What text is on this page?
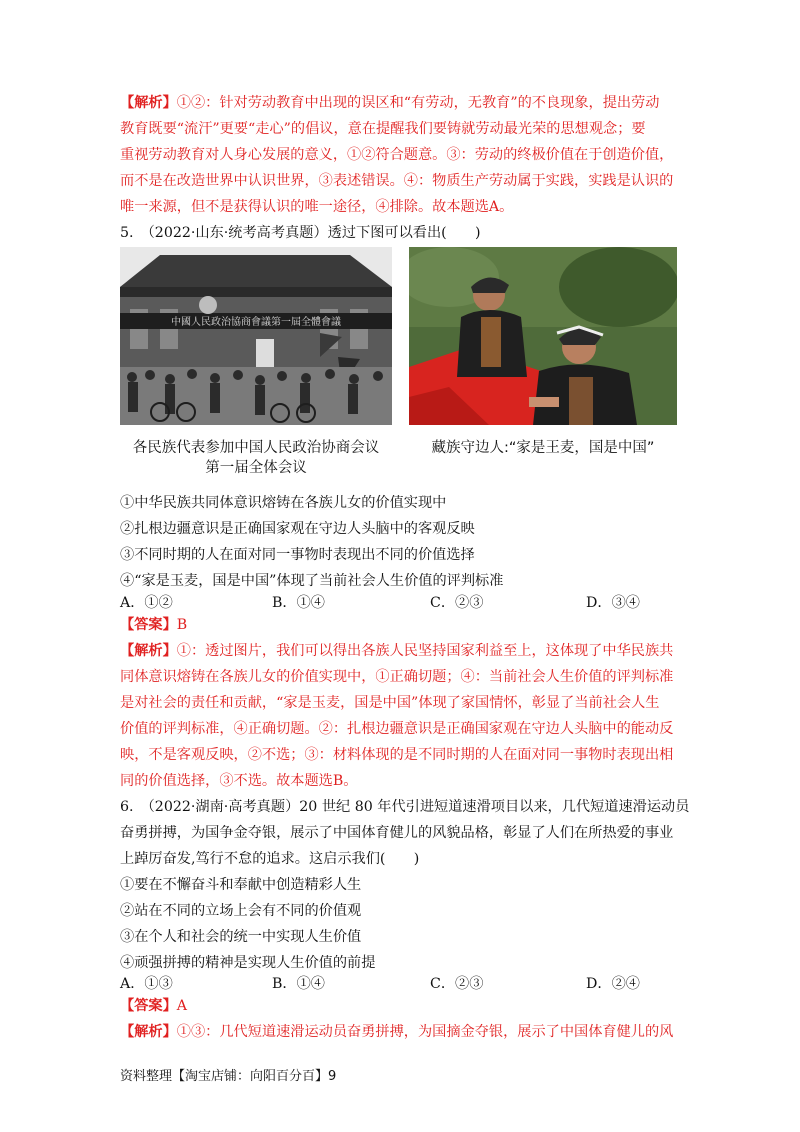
【解析】①②：针对劳动教育中出现的误区和“有劳动，无教育”的不良现象，提出劳动
教育既要“流汗”更要“走心”的倡议，意在提醒我们要铸就劳动最光荣的思想观念；要
重视劳动教育对人身心发展的意义，①②符合题意。③：劳动的终极价值在于创造价值，
而不是在改造世界中认识世界，③表述错误。④：物质生产劳动属于实践，实践是认识的
唯一来源，但不是获得认识的唯一途径，④排除。故本题选A。
5.　（2022·山东·统考高考真题）透过下图可以看出(　　)
中國人民政治協商會議第一屆全體會議
各民族代表参加中国人民政治协商会议
第一届全体会议
藏族守边人:“家是王麦，国是中国”
①中华民族共同体意识熔铸在各族儿女的价值实现中
②扎根边疆意识是正确国家观在守边人头脑中的客观反映
③不同时期的人在面对同一事物时表现出不同的价值选择
④“家是玉麦，国是中国”体现了当前社会人生价值的评判标准
A．①②	B．①④	C．②③	D．③④
【答案】B
【解析】①：透过图片，我们可以得出各族人民坚持国家利益至上，这体现了中华民族共
同体意识熔铸在各族儿女的价值实现中，①正确切题；④：当前社会人生价值的评判标准
是对社会的责任和贡献，“家是玉麦，国是中国”体现了家国情怀，彰显了当前社会人生
价值的评判标准，④正确切题。②：扎根边疆意识是正确国家观在守边人头脑中的能动反
映，不是客观反映，②不选；③：材料体现的是不同时期的人在面对同一事物时表现出相
同的价值选择，③不选。故本题选B。
6.　（2022·湖南·高考真题）20 世纪 80 年代引进短道速滑项目以来，几代短道速滑运动员
奋勇拼搏，为国争金夺银，展示了中国体育健儿的风貌品格，彰显了人们在所热爱的事业
上踔厉奋发,笃行不怠的追求。这启示我们(　　)
①要在不懈奋斗和奉献中创造精彩人生
②站在不同的立场上会有不同的价值观
③在个人和社会的统一中实现人生价值
④顽强拼搏的精神是实现人生价值的前提
A．①③	B．①④	C．②③	D．②④
【答案】A
【解析】①③：几代短道速滑运动员奋勇拼搏，为国摘金夺银，展示了中国体育健儿的风
资料整理【淘宝店铺：向阳百分百】9
